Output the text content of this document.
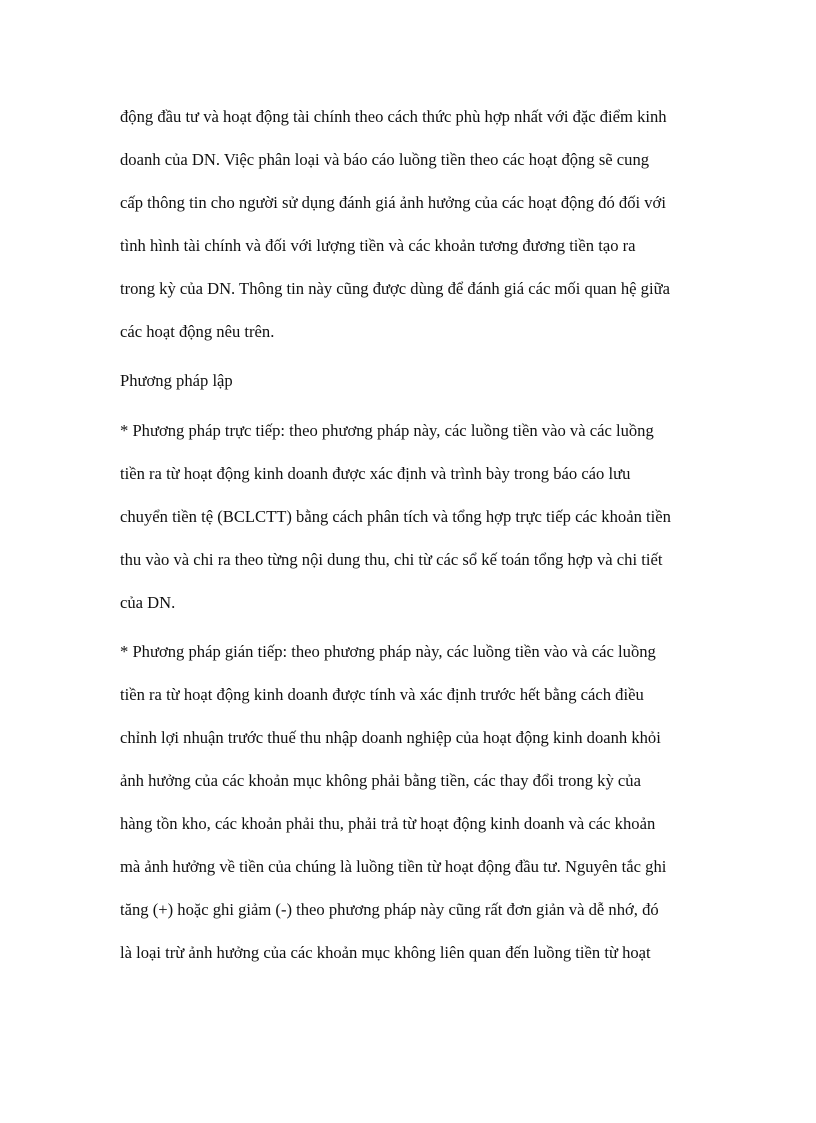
động đầu tư và hoạt động tài chính theo cách thức phù hợp nhất với đặc điểm kinh
doanh của DN. Việc phân loại và báo cáo luồng tiền theo các hoạt động sẽ cung
cấp thông tin cho người sử dụng đánh giá ảnh hưởng của các hoạt động đó đối với
tình hình tài chính và đối với lượng tiền và các khoản tương đương tiền tạo ra
trong kỳ của DN. Thông tin này cũng được dùng để đánh giá các mối quan hệ giữa
các hoạt động nêu trên.
Phương pháp lập
* Phương pháp trực tiếp: theo phương pháp này, các luồng tiền vào và các luồng
tiền ra từ hoạt động kinh doanh được xác định và trình bày trong báo cáo lưu
chuyển tiền tệ (BCLCTT) bằng cách phân tích và tổng hợp trực tiếp các khoản tiền
thu vào và chi ra theo từng nội dung thu, chi từ các sổ kế toán tổng hợp và chi tiết
của DN.
* Phương pháp gián tiếp: theo phương pháp này, các luồng tiền vào và các luồng
tiền ra từ hoạt động kinh doanh được tính và xác định trước hết bằng cách điều
chỉnh lợi nhuận trước thuế thu nhập doanh nghiệp của hoạt động kinh doanh khỏi
ảnh hưởng của các khoản mục không phải bằng tiền, các thay đổi trong kỳ của
hàng tồn kho, các khoản phải thu, phải trả từ hoạt động kinh doanh và các khoản
mà ảnh hưởng về tiền của chúng là luồng tiền từ hoạt động đầu tư. Nguyên tắc ghi
tăng (+) hoặc ghi giảm (-) theo phương pháp này cũng rất đơn giản và dễ nhớ, đó
là loại trừ ảnh hưởng của các khoản mục không liên quan đến luồng tiền từ hoạt
